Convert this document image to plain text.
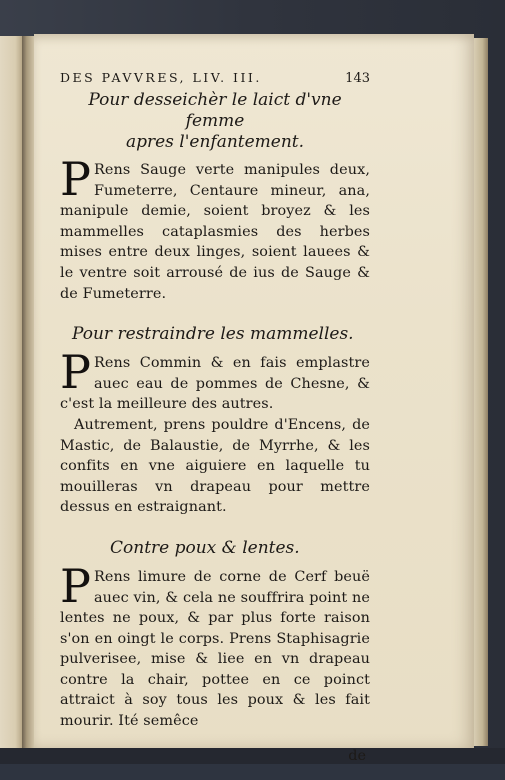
DES PAVVRES, LIV. III.	143

Pour desseichèr le laict d'vne femme

apres l'enfantement.

P Rens Sauge verte manipules deux, Fumeterre, Centaure mineur, ana, manipule demie, soient broyez & les mammelles cataplasmies des herbes mises entre deux linges, soient lauees & le ventre soit arrousé de ius de Sauge & de Fumeterre.

Pour restraindre les mammelles.

P Rens Commin & en fais emplastre auec eau de pommes de Chesne, & c'est la meilleure des autres.

Autrement, prens pouldre d'Encens, de Mastic, de Balaustie, de Myrrhe, & les confits en vne aiguiere en laquelle tu mouilleras vn drapeau pour mettre dessus en estraignant.

Contre poux & lentes.

P Rens limure de corne de Cerf beuë auec vin, & cela ne souffrira point ne lentes ne poux, & par plus forte raison s'on en oingt le corps. Prens Staphisagrie pulverisee, mise & liee en vn drapeau contre la chair, pottee en ce poinct attraict à soy tous les poux & les fait mourir. Ité semêce

de
